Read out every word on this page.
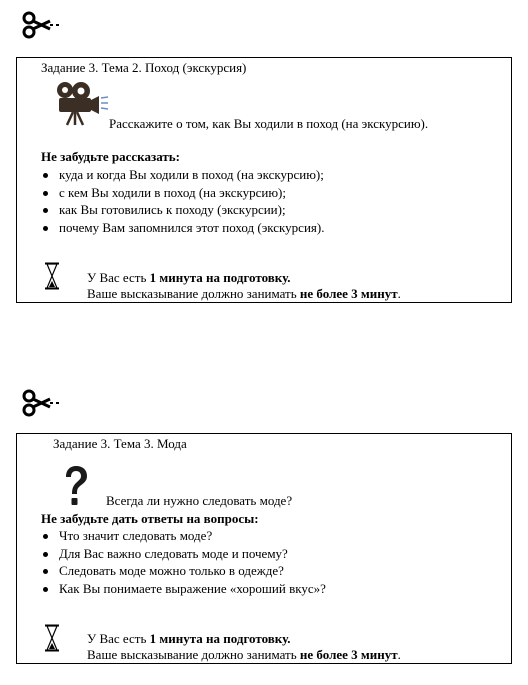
Задание 3. Тема 2. Поход (экскурсия)
Расскажите о том, как Вы ходили в поход (на экскурсию).
Не забудьте рассказать:
куда и когда Вы ходили в поход (на экскурсию);
с кем Вы ходили в поход (на экскурсию);
как Вы готовились к походу (экскурсии);
почему Вам запомнился этот поход (экскурсия).
У Вас есть 1 минута на подготовку.
Ваше высказывание должно занимать не более 3 минут.
Задание 3. Тема 3. Мода
Всегда ли нужно следовать моде?
Не забудьте дать ответы на вопросы:
Что значит следовать моде?
Для Вас важно следовать моде и почему?
Следовать моде можно только в одежде?
Как Вы понимаете выражение «хороший вкус»?
У Вас есть 1 минута на подготовку.
Ваше высказывание должно занимать не более 3 минут.
